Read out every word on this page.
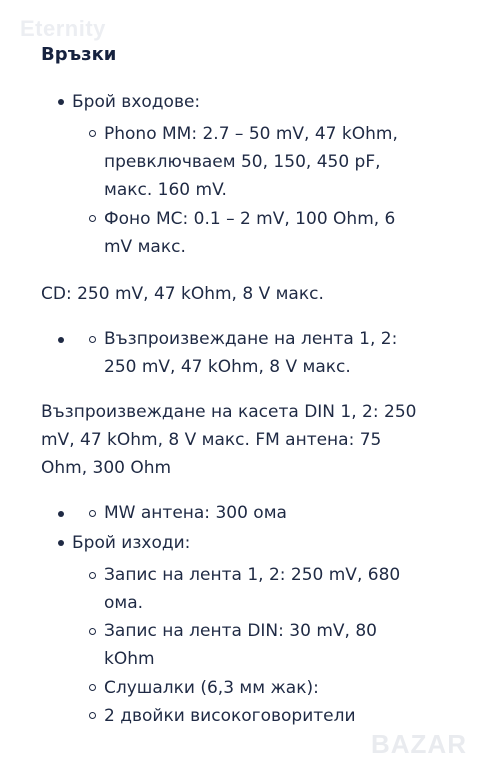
Eternity
BAZAR
Връзки
Брой входове:
Phono MM: 2.7 – 50 mV, 47 kOhm,
превключваем 50, 150, 450 pF,
макс. 160 mV.
Фоно MC: 0.1 – 2 mV, 100 Ohm, 6
mV макс.
CD: 250 mV, 47 kOhm, 8 V макс.
Възпроизвеждане на лента 1, 2:
250 mV, 47 kOhm, 8 V макс.
Възпроизвеждане на касета DIN 1, 2: 250
mV, 47 kOhm, 8 V макс. FM антена: 75
Ohm, 300 Ohm
MW антена: 300 ома
Брой изходи:
Запис на лента 1, 2: 250 mV, 680
ома.
Запис на лента DIN: 30 mV, 80
kOhm
Слушалки (6,3 мм жак):
2 двойки високоговорители
